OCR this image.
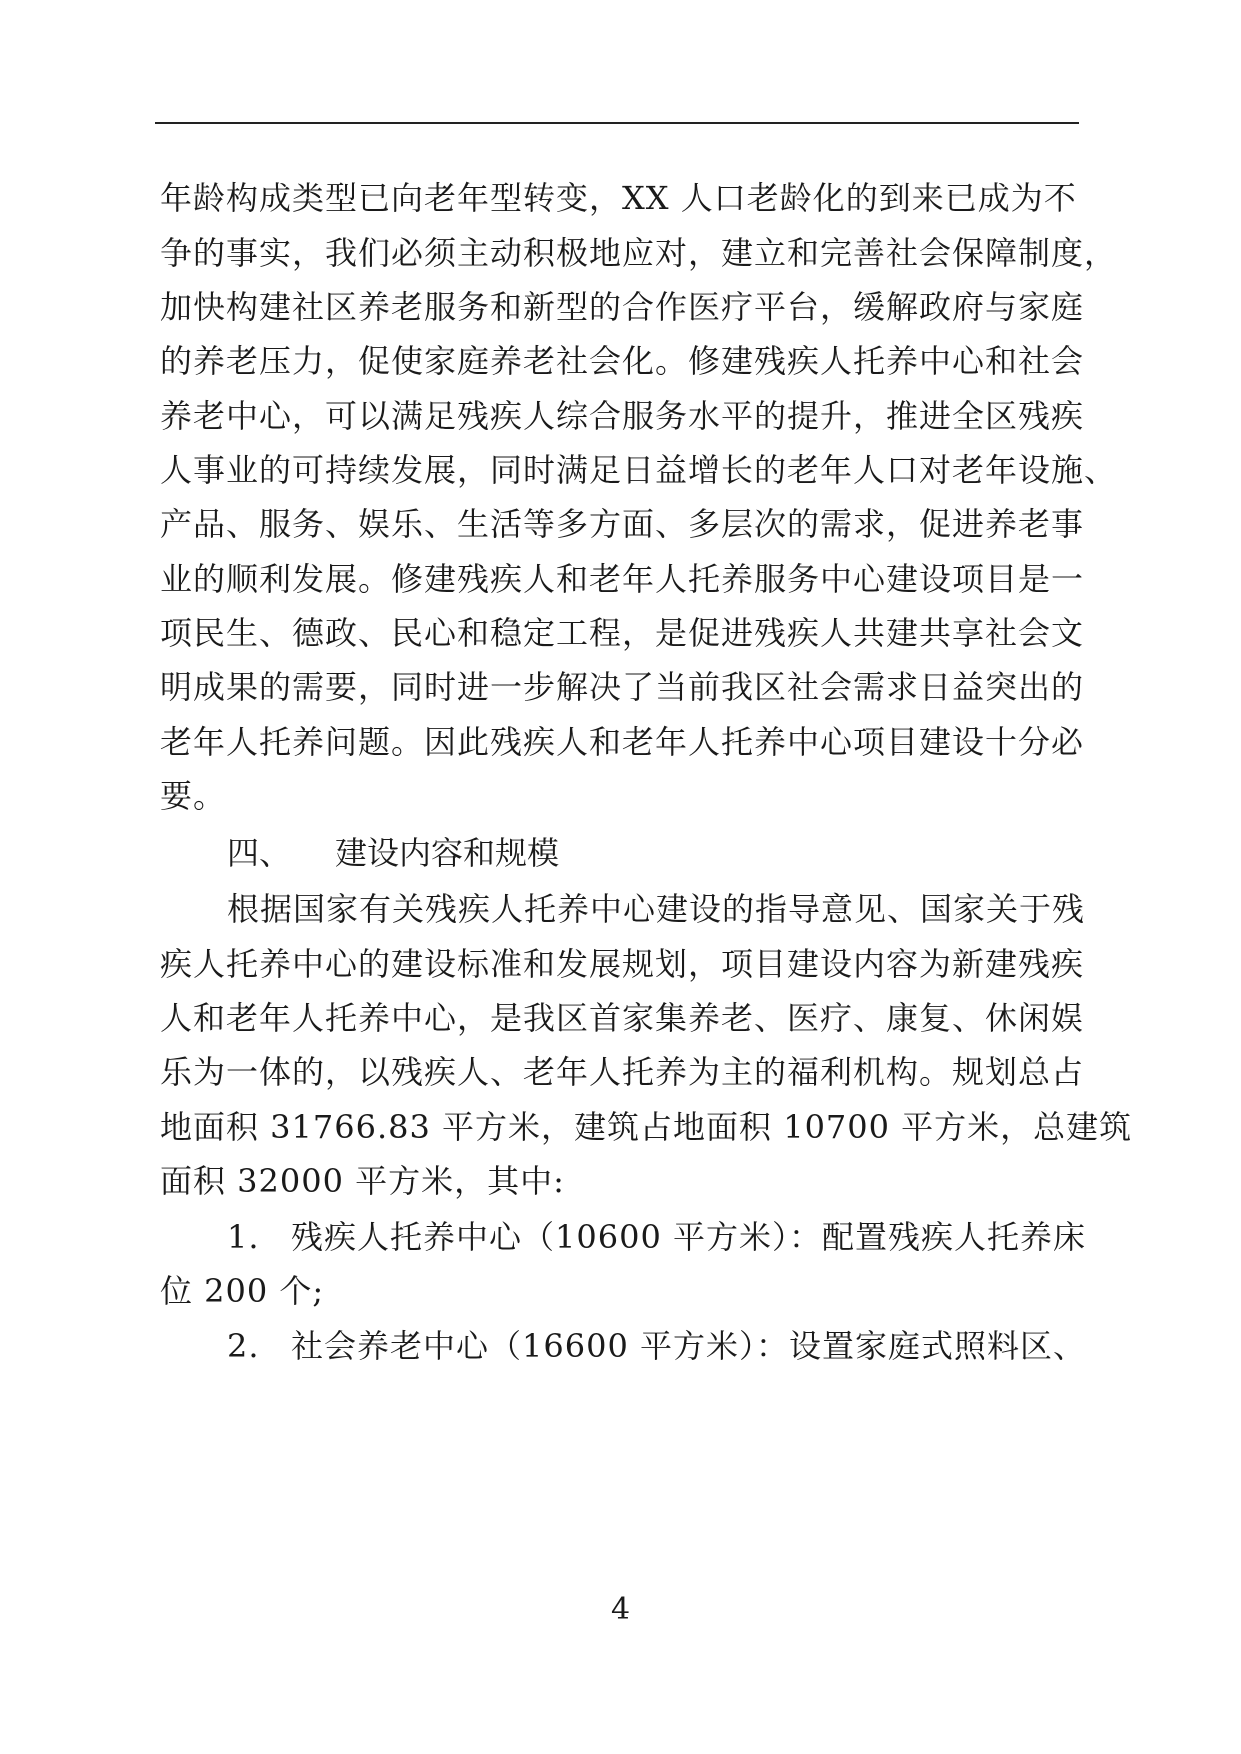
年龄构成类型已向老年型转变，XX 人口老龄化的到来已成为不
争的事实，我们必须主动积极地应对，建立和完善社会保障制度，
加快构建社区养老服务和新型的合作医疗平台，缓解政府与家庭
的养老压力，促使家庭养老社会化。修建残疾人托养中心和社会
养老中心，可以满足残疾人综合服务水平的提升，推进全区残疾
人事业的可持续发展，同时满足日益增长的老年人口对老年设施、
产品、服务、娱乐、生活等多方面、多层次的需求，促进养老事
业的顺利发展。修建残疾人和老年人托养服务中心建设项目是一
项民生、德政、民心和稳定工程，是促进残疾人共建共享社会文
明成果的需要，同时进一步解决了当前我区社会需求日益突出的
老年人托养问题。因此残疾人和老年人托养中心项目建设十分必
要。
四、 建设内容和规模
根据国家有关残疾人托养中心建设的指导意见、国家关于残
疾人托养中心的建设标准和发展规划，项目建设内容为新建残疾
人和老年人托养中心，是我区首家集养老、医疗、康复、休闲娱
乐为一体的，以残疾人、老年人托养为主的福利机构。规划总占
地面积 31766.83 平方米，建筑占地面积 10700 平方米，总建筑
面积 32000 平方米，其中:
1. 残疾人托养中心（10600 平方米）：配置残疾人托养床
位 200 个;
2. 社会养老中心（16600 平方米）：设置家庭式照料区、
4
